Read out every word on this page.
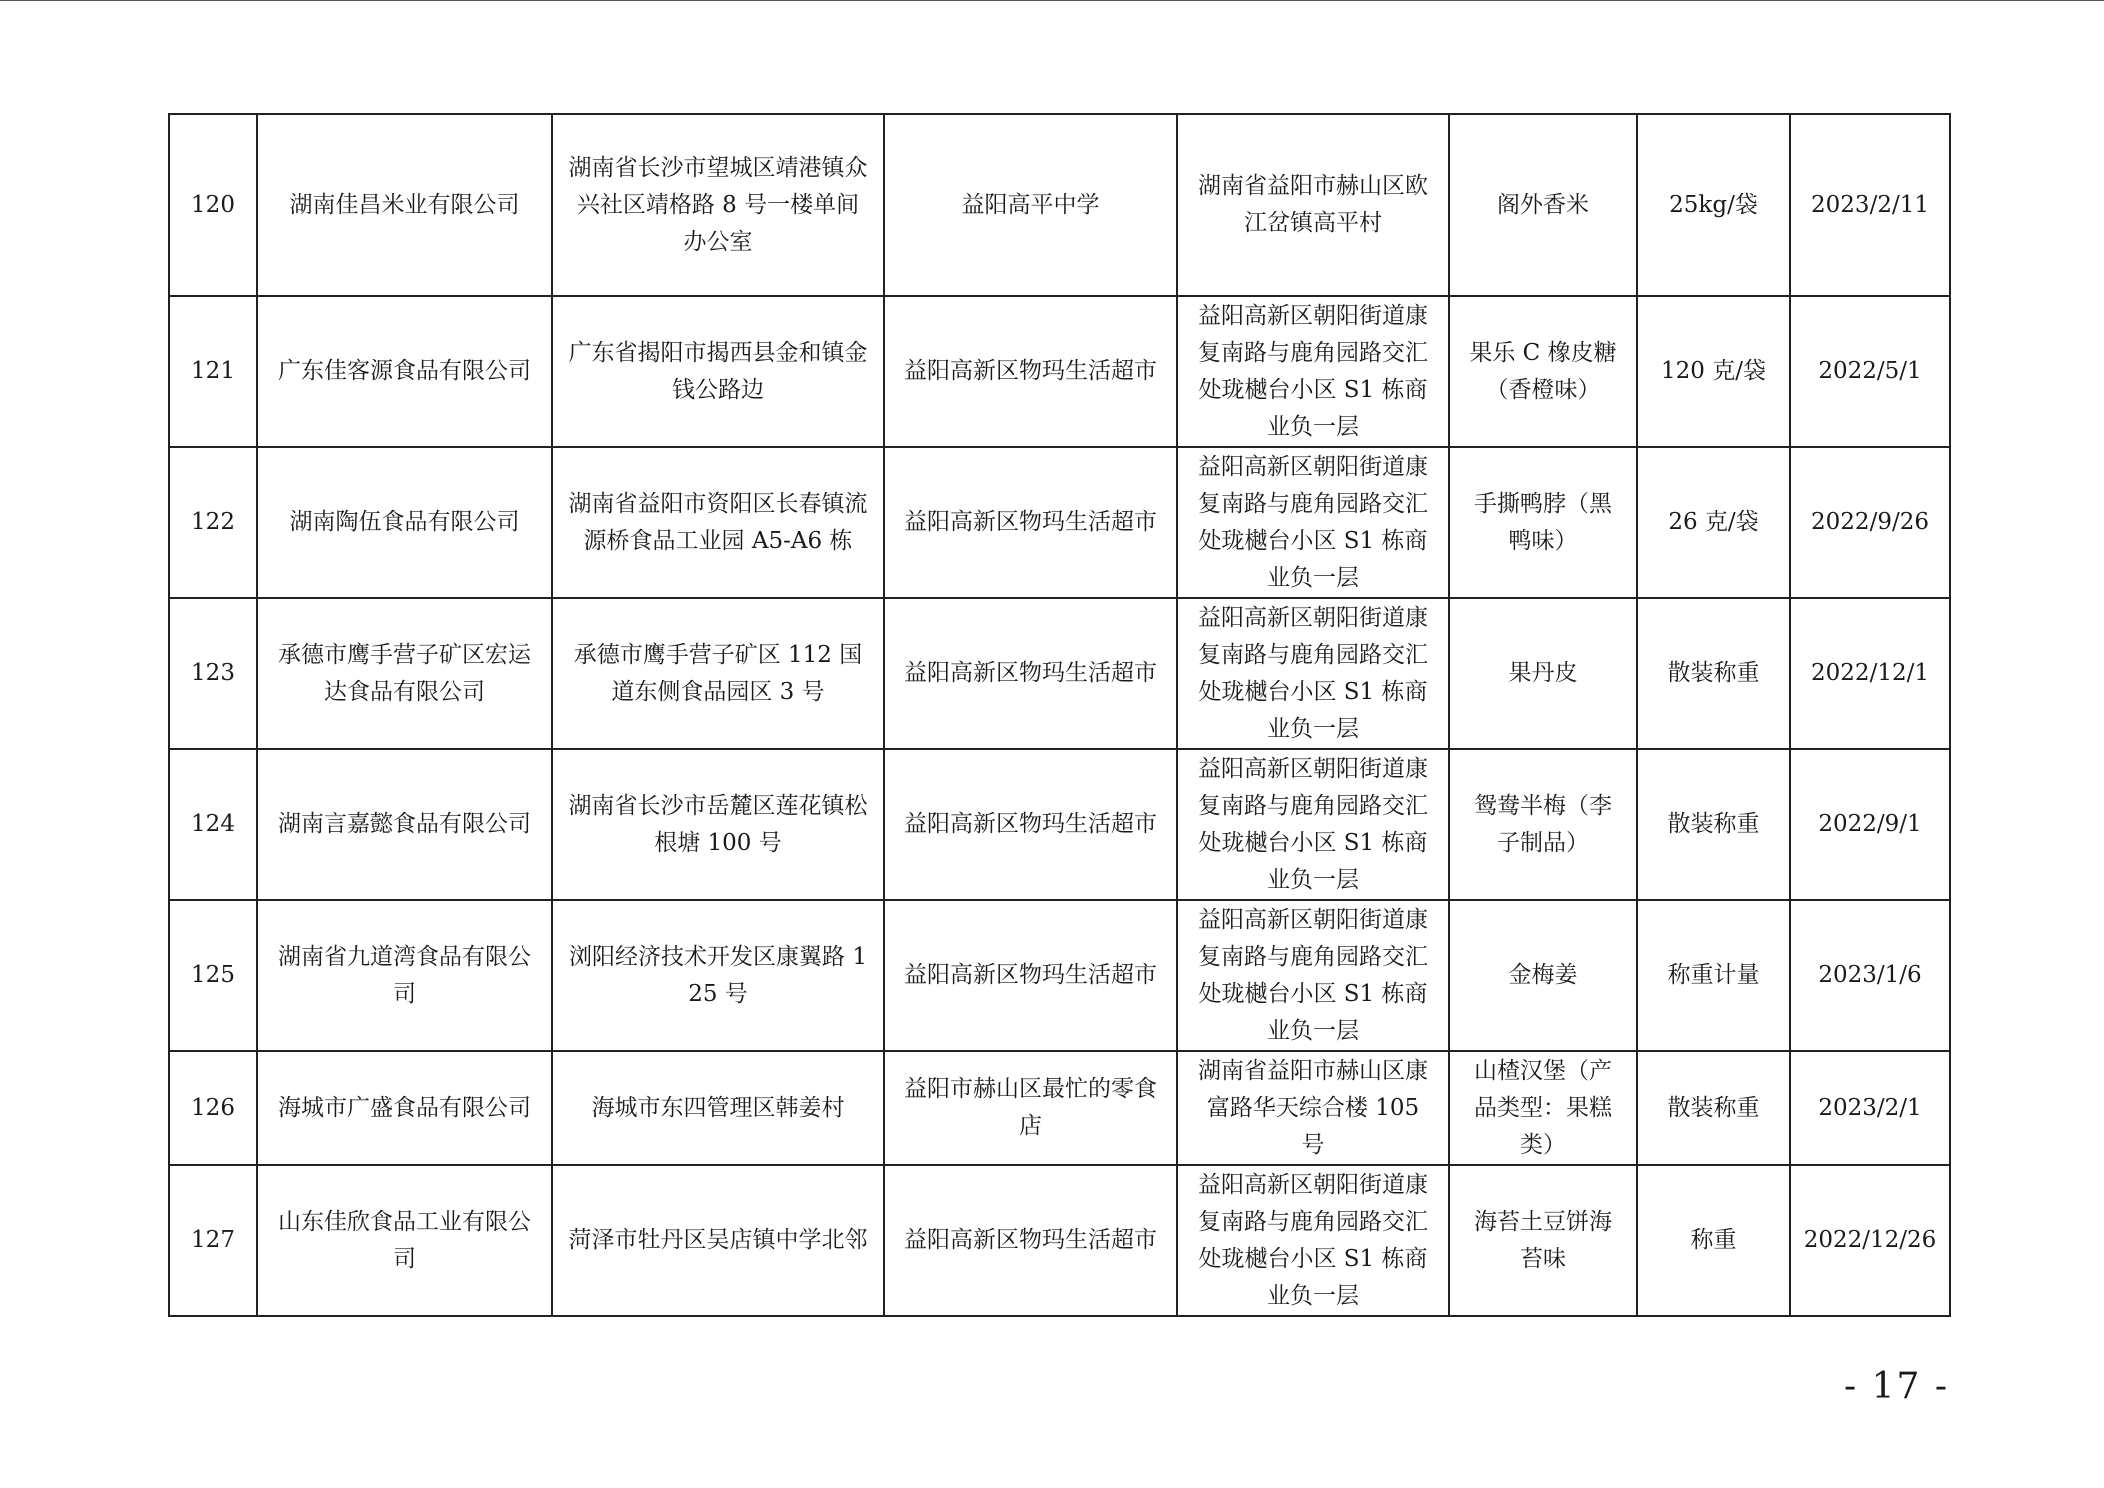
120	湖南佳昌米业有限公司	湖南省长沙市望城区靖港镇众兴社区靖格路 8 号一楼单间办公室	益阳高平中学	湖南省益阳市赫山区欧江岔镇高平村	阁外香米	25kg/袋	2023/2/11
121	广东佳客源食品有限公司	广东省揭阳市揭西县金和镇金钱公路边	益阳高新区物玛生活超市	益阳高新区朝阳街道康复南路与鹿角园路交汇处珑樾台小区 S1 栋商业负一层	果乐 C 橡皮糖（香橙味）	120 克/袋	2022/5/1
122	湖南陶伍食品有限公司	湖南省益阳市资阳区长春镇流源桥食品工业园 A5-A6 栋	益阳高新区物玛生活超市	益阳高新区朝阳街道康复南路与鹿角园路交汇处珑樾台小区 S1 栋商业负一层	手撕鸭脖（黑鸭味）	26 克/袋	2022/9/26
123	承德市鹰手营子矿区宏运达食品有限公司	承德市鹰手营子矿区 112 国道东侧食品园区 3 号	益阳高新区物玛生活超市	益阳高新区朝阳街道康复南路与鹿角园路交汇处珑樾台小区 S1 栋商业负一层	果丹皮	散装称重	2022/12/1
124	湖南言嘉懿食品有限公司	湖南省长沙市岳麓区莲花镇松根塘 100 号	益阳高新区物玛生活超市	益阳高新区朝阳街道康复南路与鹿角园路交汇处珑樾台小区 S1 栋商业负一层	鸳鸯半梅（李子制品）	散装称重	2022/9/1
125	湖南省九道湾食品有限公司	浏阳经济技术开发区康翼路 125 号	益阳高新区物玛生活超市	益阳高新区朝阳街道康复南路与鹿角园路交汇处珑樾台小区 S1 栋商业负一层	金梅姜	称重计量	2023/1/6
126	海城市广盛食品有限公司	海城市东四管理区韩姜村	益阳市赫山区最忙的零食店	湖南省益阳市赫山区康富路华天综合楼 105 号	山楂汉堡（产品类型：果糕类）	散装称重	2023/2/1
127	山东佳欣食品工业有限公司	菏泽市牡丹区吴店镇中学北邻	益阳高新区物玛生活超市	益阳高新区朝阳街道康复南路与鹿角园路交汇处珑樾台小区 S1 栋商业负一层	海苔土豆饼海苔味	称重	2022/12/26
- 17 -
